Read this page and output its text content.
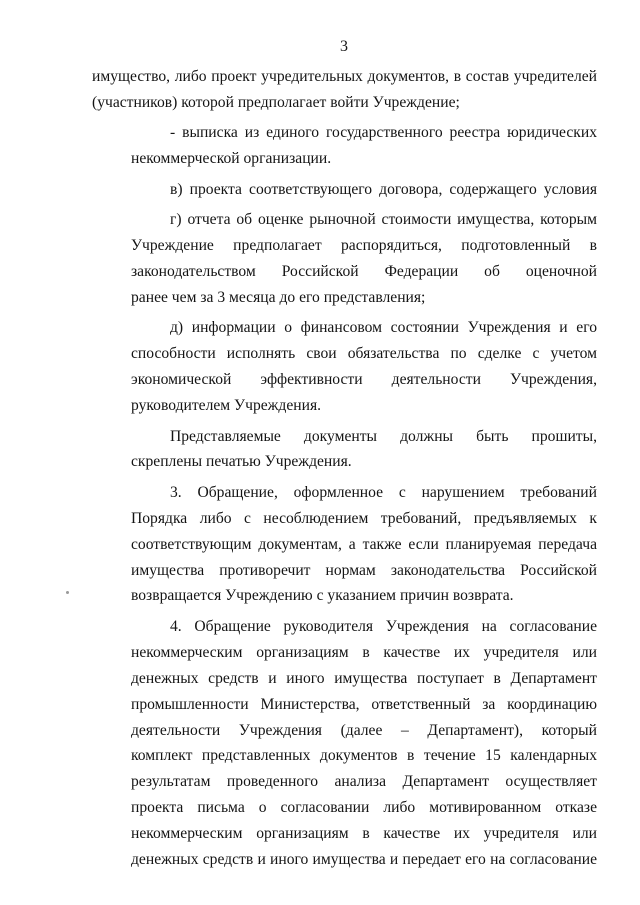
3
имущество, либо проект учредительных документов, в состав учредителей
(участников) которой предполагает войти Учреждение;
- выписка из единого государственного реестра юридических
некоммерческой организации.
в) проекта соответствующего договора, содержащего условия
г) отчета об оценке рыночной стоимости имущества, которым
Учреждение предполагает распорядиться, подготовленный в
законодательством Российской Федерации об оценочной
ранее чем за 3 месяца до его представления;
д) информации о финансовом состоянии Учреждения и его
способности исполнять свои обязательства по сделке с учетом
экономической эффективности деятельности Учреждения,
руководителем Учреждения.
Представляемые документы должны быть прошиты,
скреплены печатью Учреждения.
3. Обращение, оформленное с нарушением требований
Порядка либо с несоблюдением требований, предъявляемых к
соответствующим документам, а также если планируемая передача
имущества противоречит нормам законодательства Российской
возвращается Учреждению с указанием причин возврата.
4. Обращение руководителя Учреждения на согласование
некоммерческим организациям в качестве их учредителя или
денежных средств и иного имущества поступает в Департамент
промышленности Министерства, ответственный за координацию
деятельности Учреждения (далее – Департамент), который
комплект представленных документов в течение 15 календарных
результатам проведенного анализа Департамент осуществляет
проекта письма о согласовании либо мотивированном отказе
некоммерческим организациям в качестве их учредителя или
денежных средств и иного имущества и передает его на согласование
